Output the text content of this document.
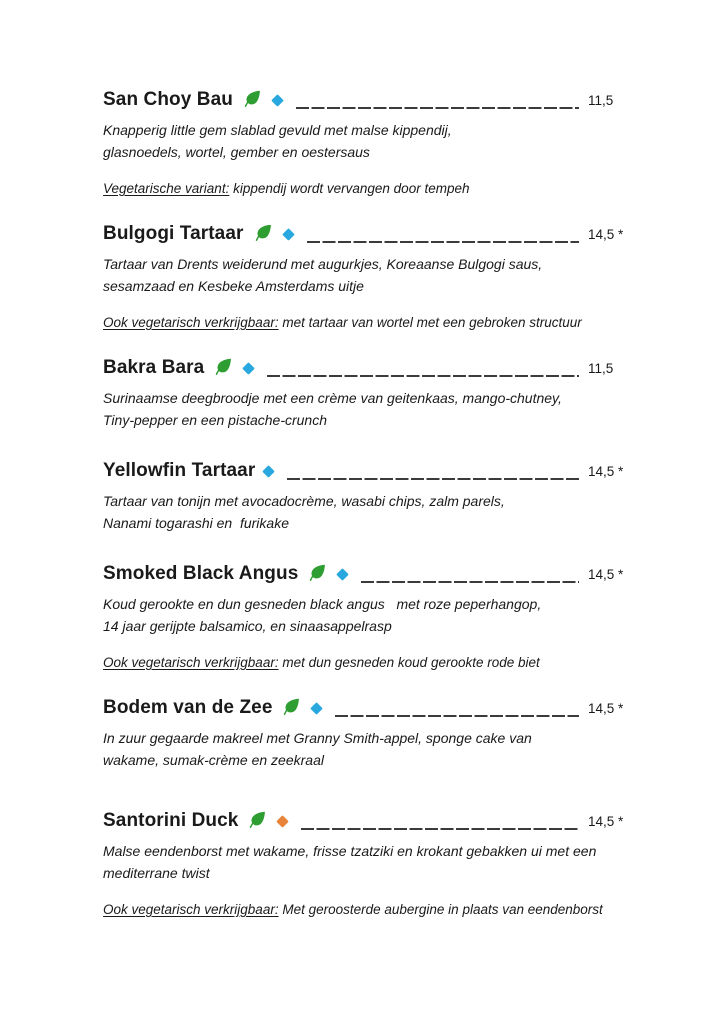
San Choy Bau	11,5

Knapperig little gem slablad gevuld met malse kippendij,

glasnoedels, wortel, gember en oestersaus

Vegetarische variant: kippendij wordt vervangen door tempeh

Bulgogi Tartaar	14,5 *

Tartaar van Drents weiderund met augurkjes, Koreaanse Bulgogi saus,

sesamzaad en Kesbeke Amsterdams uitje

Ook vegetarisch verkrijgbaar: met tartaar van wortel met een gebroken structuur

Bakra Bara	11,5

Surinaamse deegbroodje met een crème van geitenkaas, mango-chutney,

Tiny-pepper en een pistache-crunch

Yellowfin Tartaar	14,5 *

Tartaar van tonijn met avocadocrème, wasabi chips, zalm parels,

Nanami togarashi en  furikake

Smoked Black Angus	14,5 *

Koud gerookte en dun gesneden black angus   met roze peperhangop,

14 jaar gerijpte balsamico, en sinaasappelrasp

Ook vegetarisch verkrijgbaar: met dun gesneden koud gerookte rode biet

Bodem van de Zee	14,5 *

In zuur gegaarde makreel met Granny Smith-appel, sponge cake van

wakame, sumak-crème en zeekraal

Santorini Duck	14,5 *

Malse eendenborst met wakame, frisse tzatziki en krokant gebakken ui met een

mediterrane twist

Ook vegetarisch verkrijgbaar: Met geroosterde aubergine in plaats van eendenborst
